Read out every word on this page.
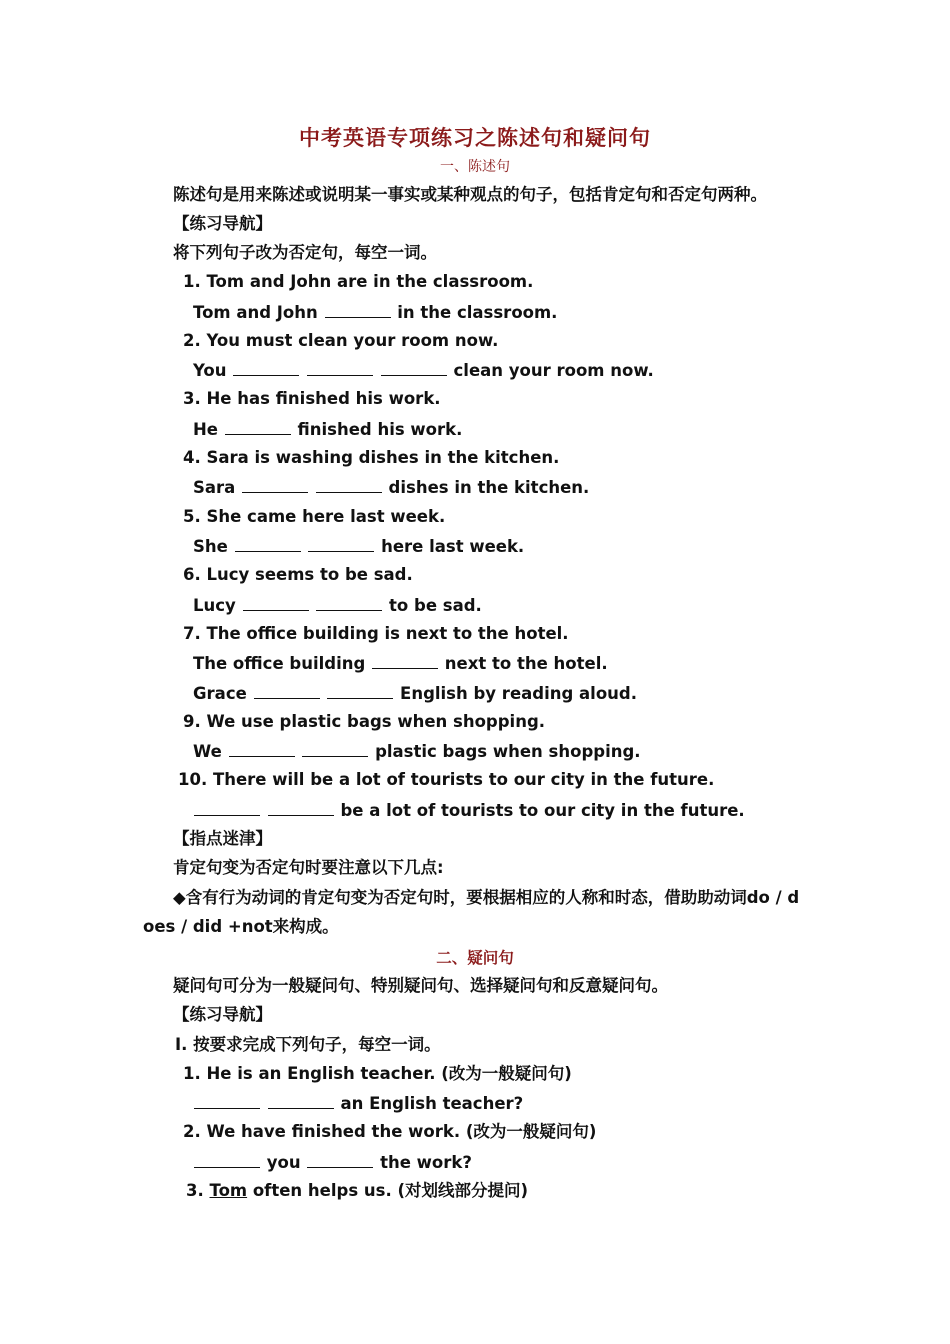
中考英语专项练习之陈述句和疑问句
一、陈述句
陈述句是用来陈述或说明某一事实或某种观点的句子，包括肯定句和否定句两种。
【练习导航】
将下列句子改为否定句，每空一词。
1. Tom and John are in the classroom.
Tom and John	in the classroom.
2. You must clean your room now.
You	clean your room now.
3. He has finished his work.
He	finished his work.
4. Sara is washing dishes in the kitchen.
Sara	dishes in the kitchen.
5. She came here last week.
She	here last week.
6. Lucy seems to be sad.
Lucy	to be sad.
7. The office building is next to the hotel.
The office building	next to the hotel.
Grace	English by reading aloud.
9. We use plastic bags when shopping.
We	plastic bags when shopping.
10. There will be a lot of tourists to our city in the future.
be a lot of tourists to our city in the future.
【指点迷津】
肯定句变为否定句时要注意以下几点:
◆含有行为动词的肯定句变为否定句时，要根据相应的人称和时态，借助助动词do / d
oes / did +not来构成。
二、疑问句
疑问句可分为一般疑问句、特别疑问句、选择疑问句和反意疑问句。
【练习导航】
Ⅰ. 按要求完成下列句子，每空一词。
1. He is an English teacher. (改为一般疑问句)
an English teacher?
2. We have finished the work. (改为一般疑问句)
you	the work?
3. Tom often helps us. (对划线部分提问)
